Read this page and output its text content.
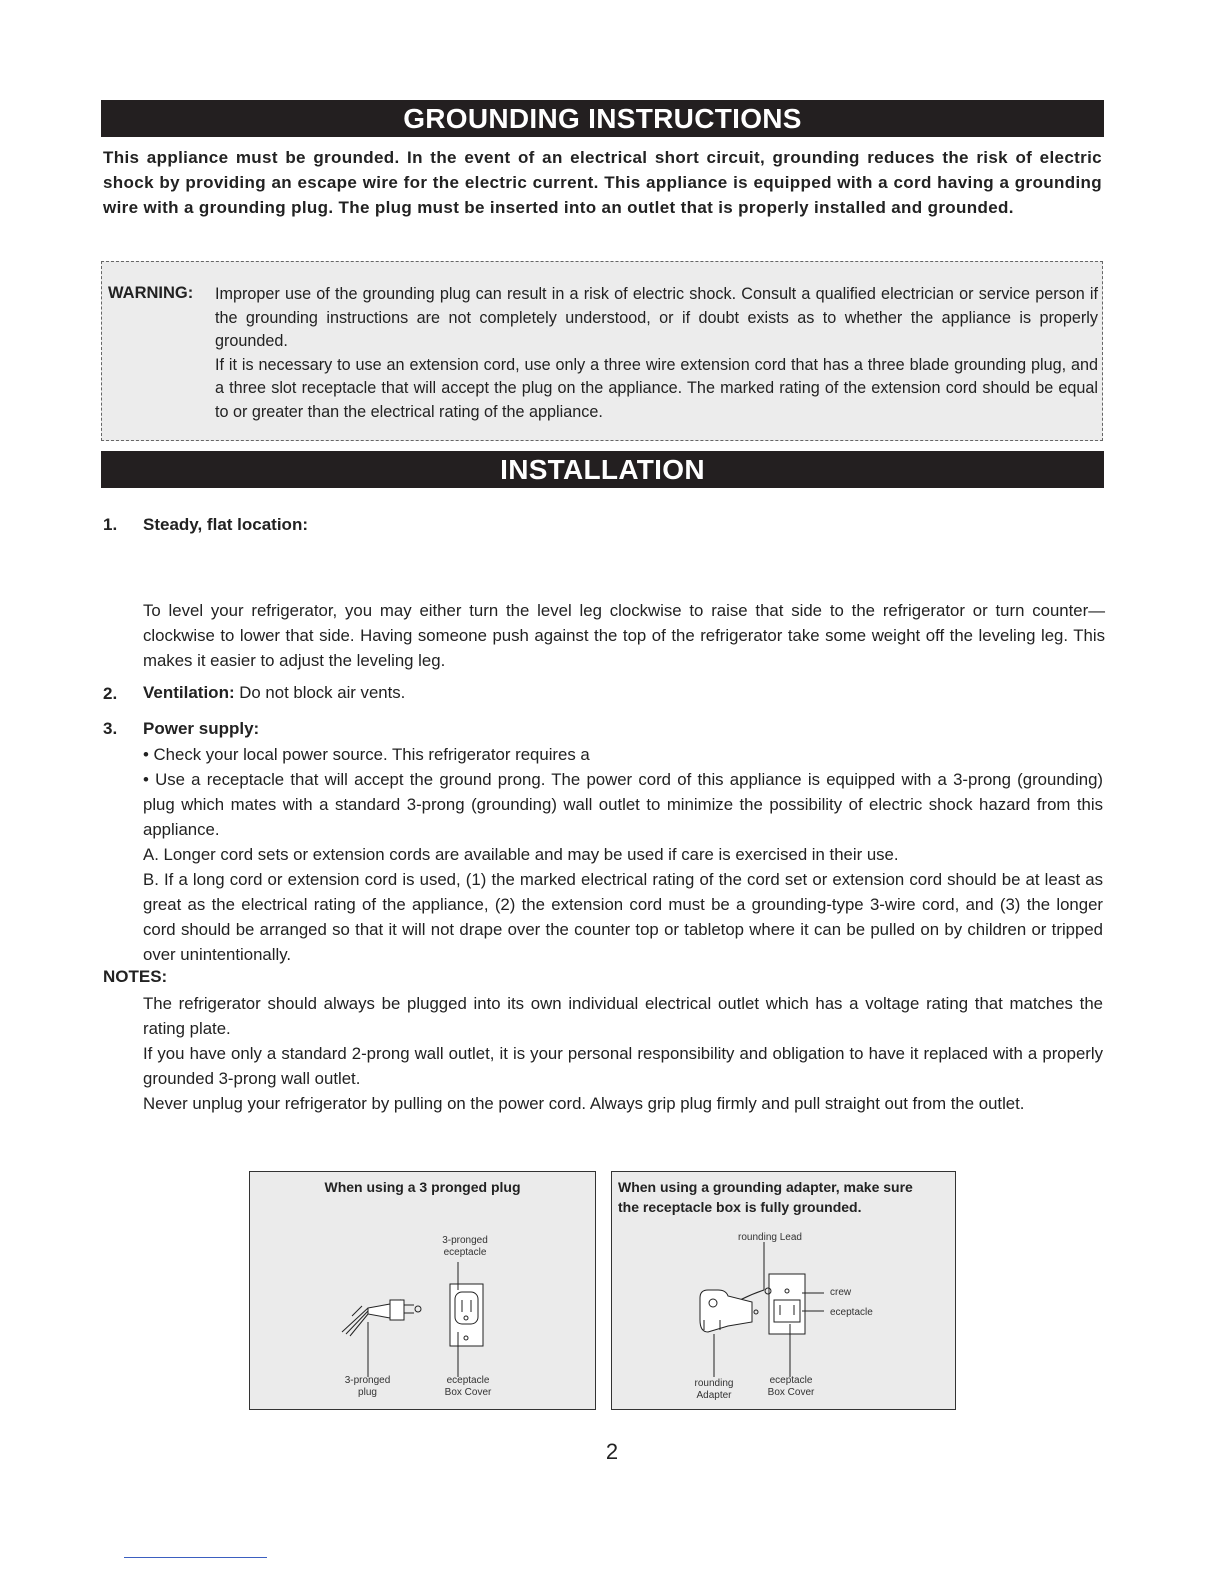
GROUNDING INSTRUCTIONS
This appliance must be grounded. In the event of an electrical short circuit, grounding reduces the risk of electric shock by providing an escape wire for the electric current. This appliance is equipped with a cord having a grounding wire with a grounding plug. The plug must be inserted into an outlet that is properly installed and grounded.
WARNING: Improper use of the grounding plug can result in a risk of electric shock. Consult a qualified electrician or service person if the grounding instructions are not completely understood, or if doubt exists as to whether the appliance is properly grounded.

If it is necessary to use an extension cord, use only a three wire extension cord that has a three blade grounding plug, and a three slot receptacle that will accept the plug on the appliance. The marked rating of the extension cord should be equal to or greater than the electrical rating of the appliance.

INSTALLATION
1. Steady, flat location:
To level your refrigerator, you may either turn the level leg clockwise to raise that side to the refrigerator or turn counter—clockwise to lower that side. Having someone push against the top of the refrigerator take some weight off the leveling leg. This makes it easier to adjust the leveling leg.
2. Ventilation: Do not block air vents.
3. Power supply:

• Check your local power source. This refrigerator requires a

• Use a receptacle that will accept the ground prong. The power cord of this appliance is equipped with a 3-prong (grounding) plug which mates with a standard 3-prong (grounding) wall outlet to minimize the possibility of electric shock hazard from this appliance.

A. Longer cord sets or extension cords are available and may be used if care is exercised in their use.

B. If a long cord or extension cord is used, (1) the marked electrical rating of the cord set or extension cord should be at least as great as the electrical rating of the appliance, (2) the extension cord must be a grounding-type 3-wire cord, and (3) the longer cord should be arranged so that it will not drape over the counter top or tabletop where it can be pulled on by children or tripped over unintentionally.

NOTES:

The refrigerator should always be plugged into its own individual electrical outlet which has a voltage rating that matches the rating plate.

If you have only a standard 2-prong wall outlet, it is your personal responsibility and obligation to have it replaced with a properly grounded 3-prong wall outlet.

Never unplug your refrigerator by pulling on the power cord. Always grip plug firmly and pull straight out from the outlet.

When using a 3 pronged plug
3-pronged
eceptacle
3-pronged
plug
eceptacle
Box Cover
When using a grounding adapter, make sure
the receptacle box is fully grounded.
rounding Lead
crew
eceptacle
rounding
Adapter
eceptacle
Box Cover
2
